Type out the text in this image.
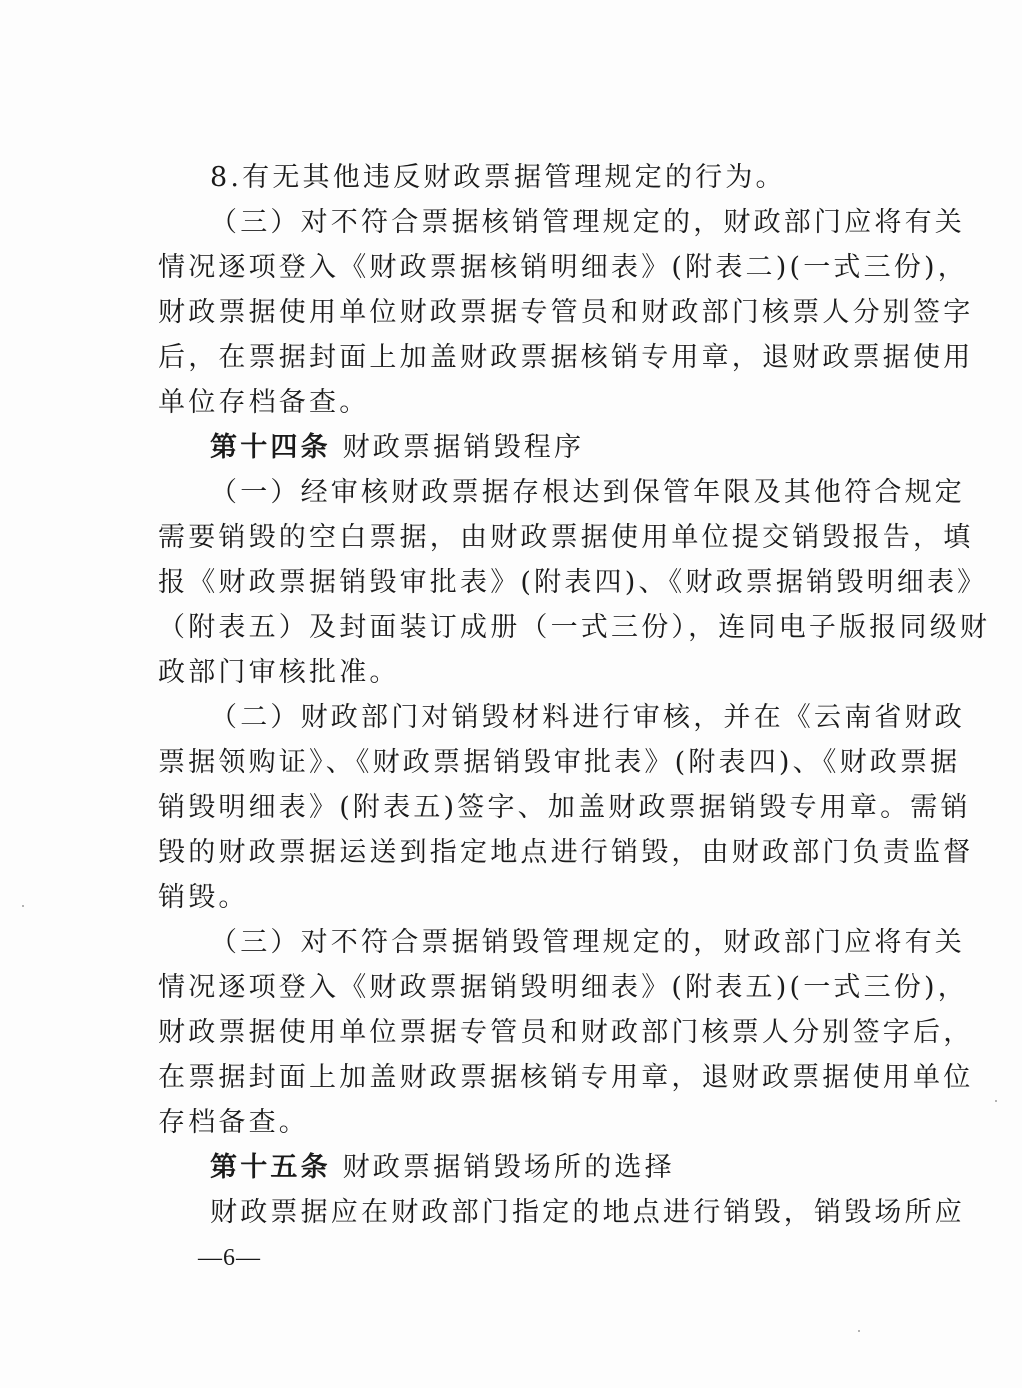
8.有无其他违反财政票据管理规定的行为。
（三）对不符合票据核销管理规定的，财政部门应将有关
情况逐项登入《财政票据核销明细表》(附表二)(一式三份)，
财政票据使用单位财政票据专管员和财政部门核票人分别签字
后，在票据封面上加盖财政票据核销专用章，退财政票据使用
单位存档备查。
第十四条 财政票据销毁程序
（一）经审核财政票据存根达到保管年限及其他符合规定
需要销毁的空白票据，由财政票据使用单位提交销毁报告，填
报《财政票据销毁审批表》(附表四)、《财政票据销毁明细表》
（附表五）及封面装订成册（一式三份），连同电子版报同级财
政部门审核批准。
（二）财政部门对销毁材料进行审核，并在《云南省财政
票据领购证》、《财政票据销毁审批表》(附表四)、《财政票据
销毁明细表》(附表五)签字、加盖财政票据销毁专用章。需销
毁的财政票据运送到指定地点进行销毁，由财政部门负责监督
销毁。
（三）对不符合票据销毁管理规定的，财政部门应将有关
情况逐项登入《财政票据销毁明细表》(附表五)(一式三份)，
财政票据使用单位票据专管员和财政部门核票人分别签字后，
在票据封面上加盖财政票据核销专用章，退财政票据使用单位
存档备查。
第十五条 财政票据销毁场所的选择
财政票据应在财政部门指定的地点进行销毁，销毁场所应
—6—
